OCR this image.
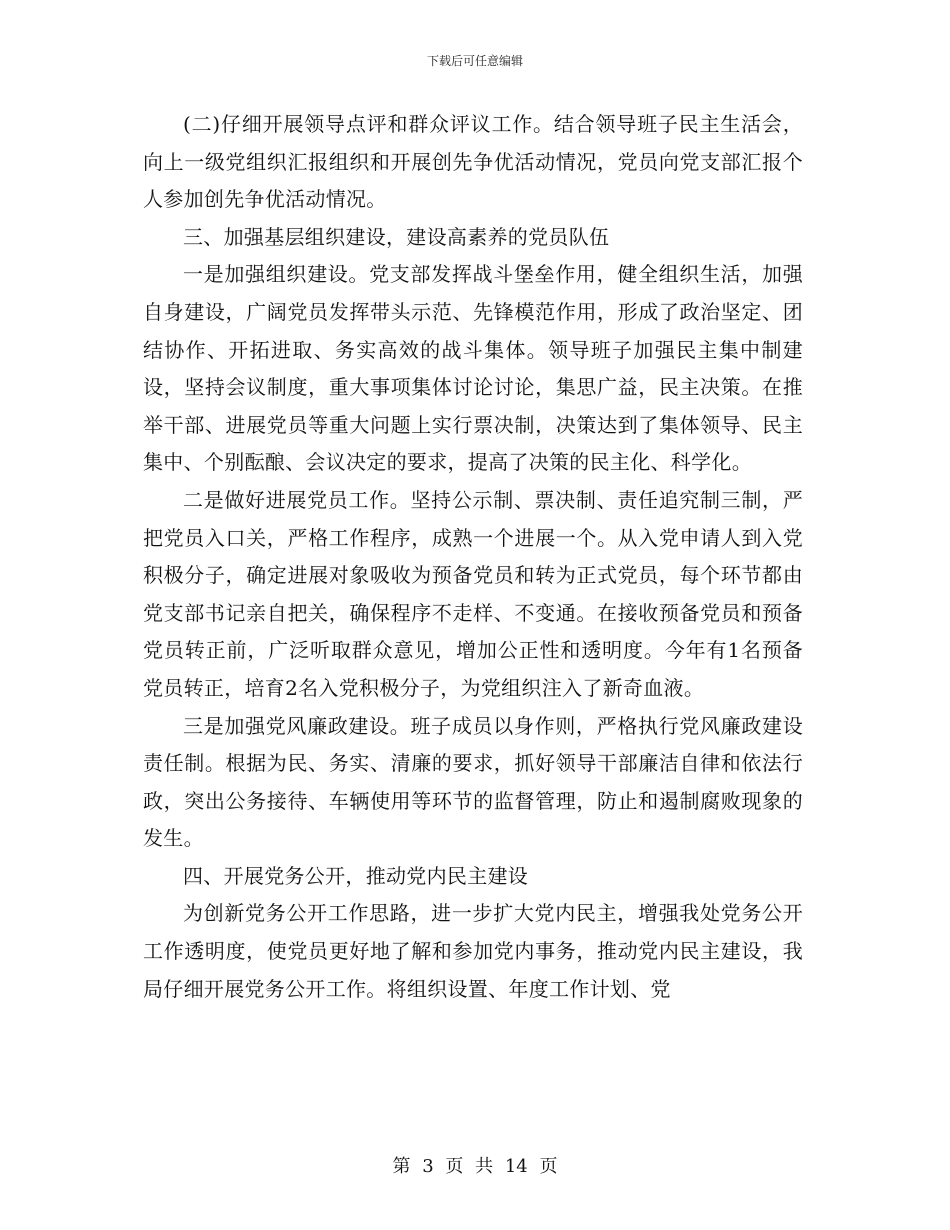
下载后可任意编辑

(二)仔细开展领导点评和群众评议工作。结合领导班子民主生活会，向上一级党组织汇报组织和开展创先争优活动情况，党员向党支部汇报个人参加创先争优活动情况。

三、加强基层组织建设，建设高素养的党员队伍

一是加强组织建设。党支部发挥战斗堡垒作用，健全组织生活，加强自身建设，广阔党员发挥带头示范、先锋模范作用，形成了政治坚定、团结协作、开拓进取、务实高效的战斗集体。领导班子加强民主集中制建设，坚持会议制度，重大事项集体讨论讨论，集思广益，民主决策。在推举干部、进展党员等重大问题上实行票决制，决策达到了集体领导、民主集中、个别酝酿、会议决定的要求，提高了决策的民主化、科学化。

二是做好进展党员工作。坚持公示制、票决制、责任追究制三制，严把党员入口关，严格工作程序，成熟一个进展一个。从入党申请人到入党积极分子，确定进展对象吸收为预备党员和转为正式党员，每个环节都由党支部书记亲自把关，确保程序不走样、不变通。在接收预备党员和预备党员转正前，广泛听取群众意见，增加公正性和透明度。今年有1名预备党员转正，培育2名入党积极分子，为党组织注入了新奇血液。

三是加强党风廉政建设。班子成员以身作则，严格执行党风廉政建设责任制。根据为民、务实、清廉的要求，抓好领导干部廉洁自律和依法行政，突出公务接待、车辆使用等环节的监督管理，防止和遏制腐败现象的发生。

四、开展党务公开，推动党内民主建设

为创新党务公开工作思路，进一步扩大党内民主，增强我处党务公开工作透明度，使党员更好地了解和参加党内事务，推动党内民主建设，我局仔细开展党务公开工作。将组织设置、年度工作计划、党

第 3 页 共 14 页
